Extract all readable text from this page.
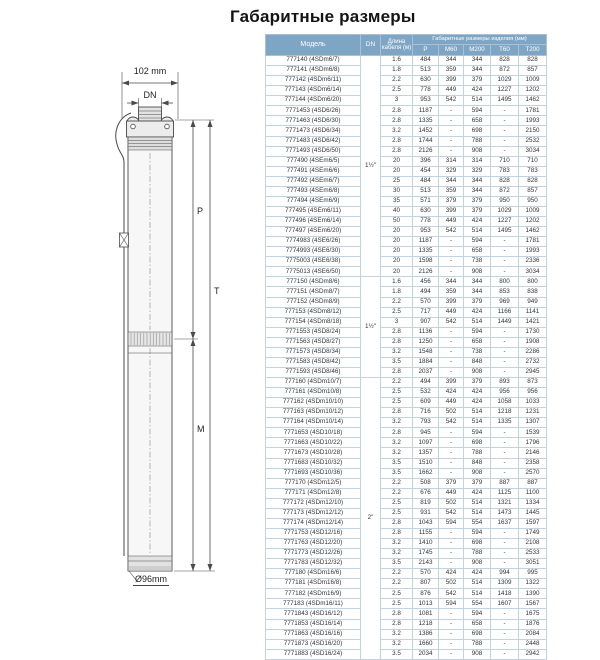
Габаритные размеры
102 mm
DN
P
T
M
Ø96mm
Модель	DN	Длина кабеля (м)	Габаритные размеры изделия (мм)				
			P	M60	M200	T60	T200
777140 (4SDm6/7)	1½"	1.6	484	344	344	828	828
777141 (4SDm6/8)		1.8	513	359	344	872	857
777142 (4SDm6/11)		2.2	630	399	379	1029	1009
777143 (4SDm6/14)		2.5	778	449	424	1227	1202
777144 (4SDm6/20)		3	953	542	514	1495	1462
7771453 (4SD6/26)		2.8	1187	-	594	-	1781
7771463 (4SD6/30)		2.8	1335	-	658	-	1993
7771473 (4SD6/34)		3.2	1452	-	698	-	2150
7771483 (4SD6/42)		2.8	1744	-	788	-	2532
7771493 (4SD6/50)		2.8	2126	-	908	-	3034
777490 (4SEm6/5)		20	396	314	314	710	710
777491 (4SEm6/6)		20	454	329	329	783	783
777492 (4SEm6/7)		25	484	344	344	828	828
777493 (4SEm6/8)		30	513	359	344	872	857
777494 (4SEm6/9)		35	571	379	379	950	950
777495 (4SEm6/11)		40	630	399	379	1029	1009
777496 (4SEm6/14)		50	778	449	424	1227	1202
777497 (4SEm6/20)		20	953	542	514	1495	1462
7774983 (4SE6/26)		20	1187	-	594	-	1781
7774993 (4SE6/30)		20	1335	-	658	-	1993
7775003 (4SE6/38)		20	1598	-	738	-	2336
7775013 (4SE6/50)		20	2126	-	908	-	3034
777150 (4SDm8/6)	1½"	1.6	456	344	344	800	800
777151 (4SDm8/7)		1.8	494	359	344	853	838
777152 (4SDm8/9)		2.2	570	399	379	969	949
777153 (4SDm8/12)		2.5	717	449	424	1166	1141
777154 (4SDm8/18)		3	907	542	514	1449	1421
7771553 (4SD8/24)		2.8	1136	-	594	-	1730
7771563 (4SD8/27)		2.8	1250	-	658	-	1908
7771573 (4SD8/34)		3.2	1548	-	738	-	2286
7771583 (4SD8/42)		3.5	1884	-	848	-	2732
7771593 (4SD8/46)		2.8	2037	-	908	-	2945
777160 (4SDm10/7)	2"	2.2	494	399	379	893	873
777161 (4SDm10/8)		2.5	532	424	424	956	956
777162 (4SDm10/10)		2.5	609	449	424	1058	1033
777163 (4SDm10/12)		2.8	716	502	514	1218	1231
777164 (4SDm10/14)		3.2	793	542	514	1335	1307
7771653 (4SD10/18)		2.8	945	-	594	-	1539
7771663 (4SD10/22)		3.2	1097	-	698	-	1796
7771673 (4SD10/28)		3.2	1357	-	788	-	2146
7771683 (4SD10/32)		3.5	1510	-	848	-	2358
7771693 (4SD10/36)		3.5	1662	-	908	-	2570
777170 (4SDm12/5)		2.2	508	379	379	887	887
777171 (4SDm12/8)		2.2	676	449	424	1125	1100
777172 (4SDm12/10)		2.5	819	502	514	1321	1334
777173 (4SDm12/12)		2.5	931	542	514	1473	1445
777174 (4SDm12/14)		2.8	1043	594	554	1637	1597
7771753 (4SD12/16)		2.8	1155	-	594	-	1749
7771763 (4SD12/20)		3.2	1410	-	698	-	2108
7771773 (4SD12/26)		3.2	1745	-	788	-	2533
7771783 (4SD12/32)		3.5	2143	-	908	-	3051
777180 (4SDm16/6)		2.2	570	424	424	994	995
777181 (4SDm16/8)		2.2	807	502	514	1309	1322
777182 (4SDm16/9)		2.5	876	542	514	1418	1390
777183 (4SDm16/11)		2.5	1013	594	554	1607	1567
7771843 (4SD16/12)		2.8	1081	-	594	-	1675
7771853 (4SD16/14)		2.8	1218	-	658	-	1876
7771863 (4SD16/16)		3.2	1386	-	698	-	2084
7771873 (4SD16/20)		3.2	1660	-	788	-	2448
7771883 (4SD16/24)		3.5	2034	-	908	-	2942
